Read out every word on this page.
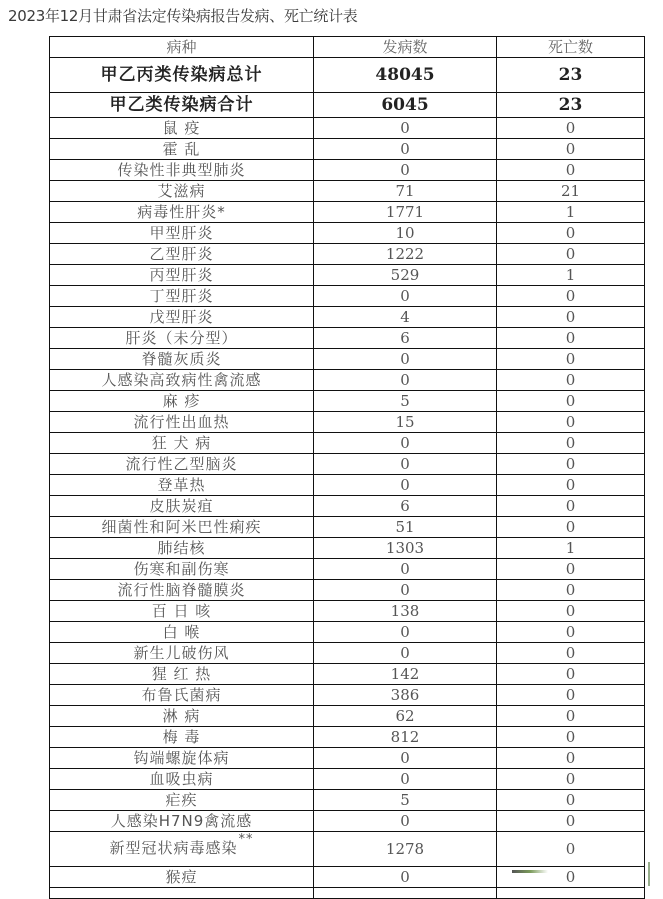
2023年12月甘肃省法定传染病报告发病、死亡统计表
病种	发病数	死亡数
甲乙丙类传染病总计	48045	23
甲乙类传染病合计	6045	23
鼠 疫	0	0
霍 乱	0	0
传染性非典型肺炎	0	0
艾滋病	71	21
病毒性肝炎*	1771	1
甲型肝炎	10	0
乙型肝炎	1222	0
丙型肝炎	529	1
丁型肝炎	0	0
戊型肝炎	4	0
肝炎（未分型）	6	0
脊髓灰质炎	0	0
人感染高致病性禽流感	0	0
麻 疹	5	0
流行性出血热	15	0
狂 犬 病	0	0
流行性乙型脑炎	0	0
登革热	0	0
皮肤炭疽	6	0
细菌性和阿米巴性痢疾	51	0
肺结核	1303	1
伤寒和副伤寒	0	0
流行性脑脊髓膜炎	0	0
百 日 咳	138	0
白 喉	0	0
新生儿破伤风	0	0
猩 红 热	142	0
布鲁氏菌病	386	0
淋 病	62	0
梅 毒	812	0
钩端螺旋体病	0	0
血吸虫病	0	0
疟疾	5	0
人感染H7N9禽流感	0	0
新型冠状病毒感染**	1278	0
猴痘	0	0
